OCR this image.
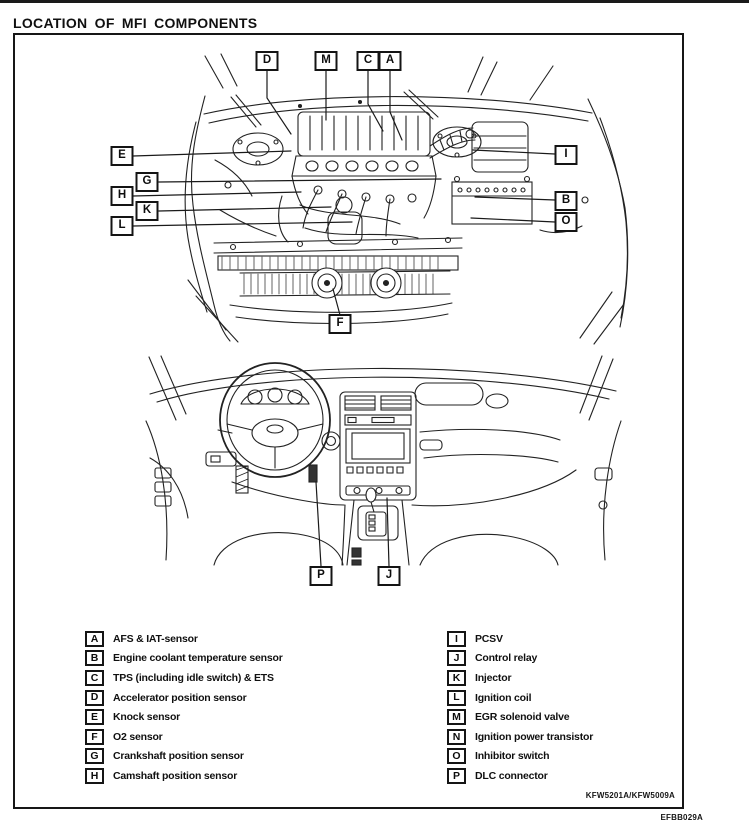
LOCATION OF MFI COMPONENTS
A
B
C
D
E
F
G
H
I
K
L
M
O
J
P
A	AFS & IAT-sensor
B	Engine coolant temperature sensor
C	TPS (including idle switch) & ETS
D	Accelerator position sensor
E	Knock sensor
F	O2 sensor
G	Crankshaft position sensor
H	Camshaft position sensor
I	PCSV
J	Control relay
K	Injector
L	Ignition coil
M	EGR solenoid valve
N	Ignition power transistor
O	Inhibitor switch
P	DLC connector
KFW5201A/KFW5009A
EFBB029A
